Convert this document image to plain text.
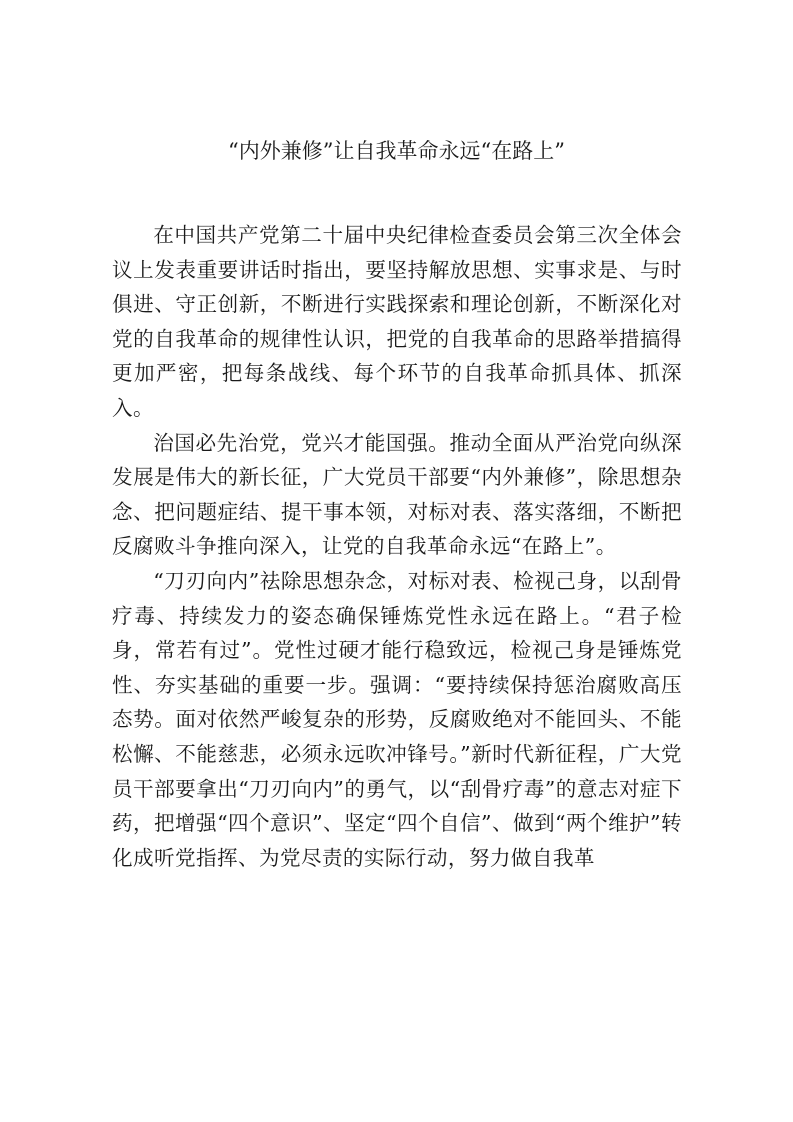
“内外兼修”让自我革命永远“在路上”

在中国共产党第二十届中央纪律检查委员会第三次全体会议上发表重要讲话时指出，要坚持解放思想、实事求是、与时俱进、守正创新，不断进行实践探索和理论创新，不断深化对党的自我革命的规律性认识，把党的自我革命的思路举措搞得更加严密，把每条战线、每个环节的自我革命抓具体、抓深入。

治国必先治党，党兴才能国强。推动全面从严治党向纵深发展是伟大的新长征，广大党员干部要“内外兼修”，除思想杂念、把问题症结、提干事本领，对标对表、落实落细，不断把反腐败斗争推向深入，让党的自我革命永远“在路上”。

“刀刃向内”祛除思想杂念，对标对表、检视己身，以刮骨疗毒、持续发力的姿态确保锤炼党性永远在路上。“君子检身，常若有过”。党性过硬才能行稳致远，检视己身是锤炼党性、夯实基础的重要一步。强调：“要持续保持惩治腐败高压态势。面对依然严峻复杂的形势，反腐败绝对不能回头、不能松懈、不能慈悲，必须永远吹冲锋号。”新时代新征程，广大党员干部要拿出“刀刃向内”的勇气，以“刮骨疗毒”的意志对症下药，把增强“四个意识”、坚定“四个自信”、做到“两个维护”转化成听党指挥、为党尽责的实际行动，努力做自我革
